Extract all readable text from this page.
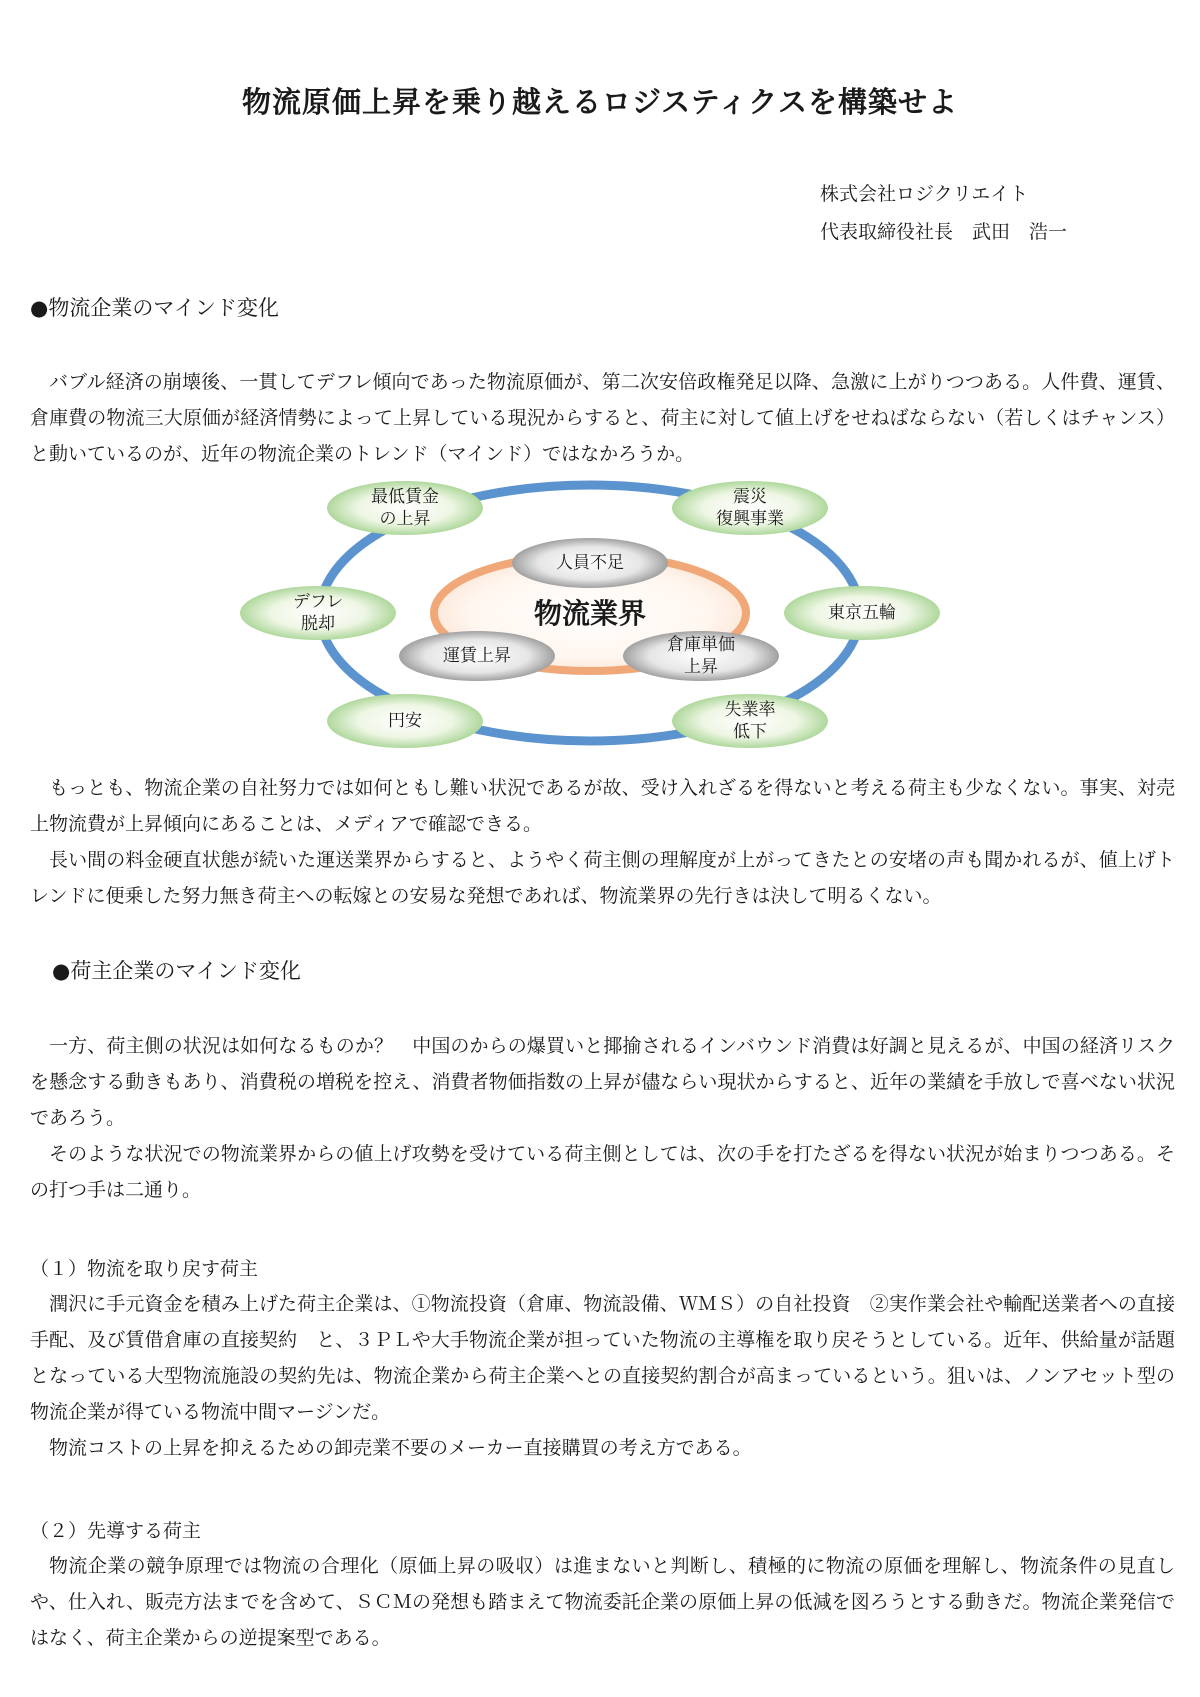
物流原価上昇を乗り越えるロジスティクスを構築せよ
株式会社ロジクリエイト
代表取締役社長　武田　浩一
●物流企業のマインド変化

バブル経済の崩壊後、一貫してデフレ傾向であった物流原価が、第二次安倍政権発足以降、急激に上がりつつある。人件費、運賃、倉庫費の物流三大原価が経済情勢によって上昇している現況からすると、荷主に対して値上げをせねばならない（若しくはチャンス）と動いているのが、近年の物流企業のトレンド（マインド）ではなかろうか。

物流業界
最低賃金
の上昇
震災
復興事業
デフレ
脱却
東京五輪
円安
失業率
低下
人員不足
運賃上昇
倉庫単価
上昇

もっとも、物流企業の自社努力では如何ともし難い状況であるが故、受け入れざるを得ないと考える荷主も少なくない。事実、対売上物流費が上昇傾向にあることは、メディアで確認できる。

長い間の料金硬直状態が続いた運送業界からすると、ようやく荷主側の理解度が上がってきたとの安堵の声も聞かれるが、値上げトレンドに便乗した努力無き荷主への転嫁との安易な発想であれば、物流業界の先行きは決して明るくない。

●荷主企業のマインド変化

一方、荷主側の状況は如何なるものか？　中国のからの爆買いと揶揄されるインバウンド消費は好調と見えるが、中国の経済リスクを懸念する動きもあり、消費税の増税を控え、消費者物価指数の上昇が儘ならい現状からすると、近年の業績を手放しで喜べない状況であろう。

そのような状況での物流業界からの値上げ攻勢を受けている荷主側としては、次の手を打たざるを得ない状況が始まりつつある。その打つ手は二通り。

（１）物流を取り戻す荷主

潤沢に手元資金を積み上げた荷主企業は、①物流投資（倉庫、物流設備、ＷＭＳ）の自社投資　②実作業会社や輸配送業者への直接手配、及び賃借倉庫の直接契約　と、３ＰＬや大手物流企業が担っていた物流の主導権を取り戻そうとしている。近年、供給量が話題となっている大型物流施設の契約先は、物流企業から荷主企業へとの直接契約割合が高まっているという。狙いは、ノンアセット型の物流企業が得ている物流中間マージンだ。

物流コストの上昇を抑えるための卸売業不要のメーカー直接購買の考え方である。

（２）先導する荷主

物流企業の競争原理では物流の合理化（原価上昇の吸収）は進まないと判断し、積極的に物流の原価を理解し、物流条件の見直しや、仕入れ、販売方法までを含めて、ＳＣＭの発想も踏まえて物流委託企業の原価上昇の低減を図ろうとする動きだ。物流企業発信ではなく、荷主企業からの逆提案型である。
